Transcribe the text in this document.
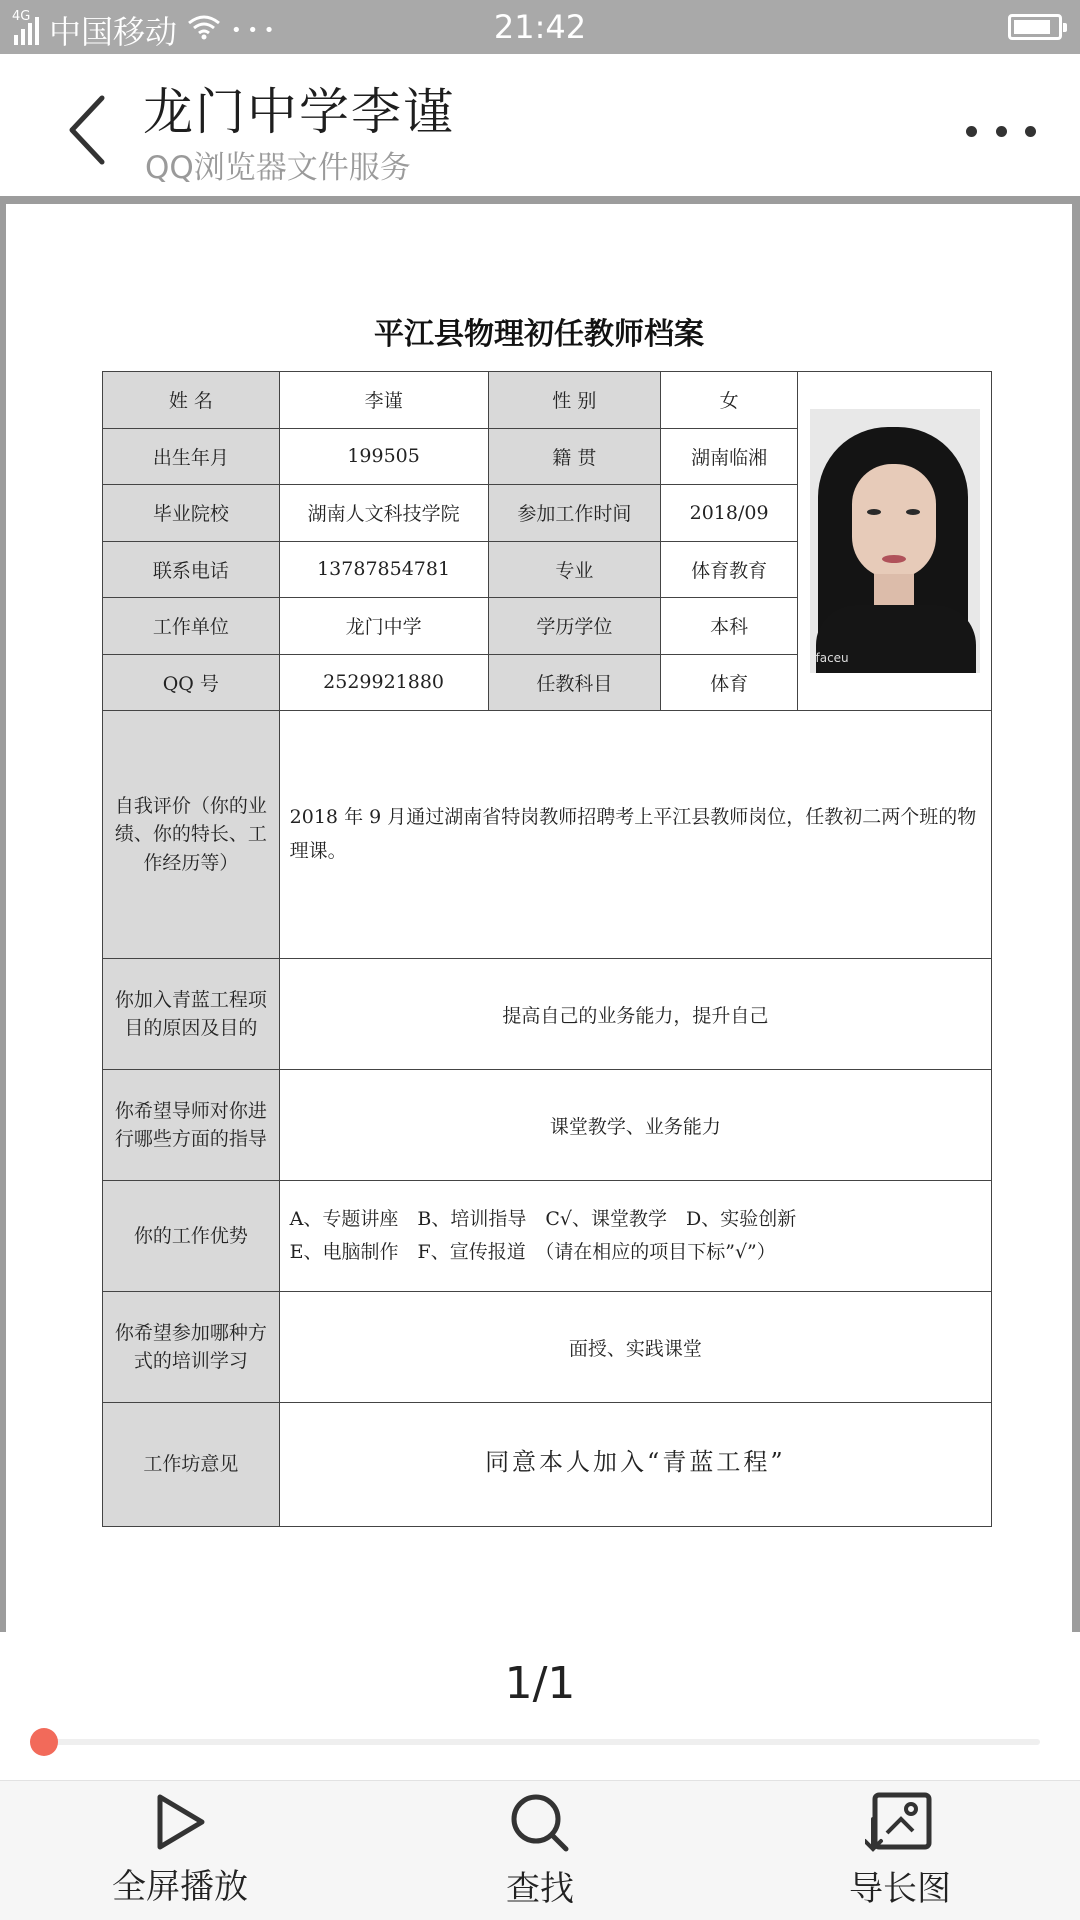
4G 中国移动	• • •	21:42
龙门中学李谨
QQ浏览器文件服务
平江县物理初任教师档案
姓 名	李谨	性 别	女	faceu

出生年月	199505	籍 贯	湖南临湘	
毕业院校	湖南人文科技学院	参加工作时间	2018/09	
联系电话	13787854781	专业	体育教育	
工作单位	龙门中学	学历学位	本科	
QQ 号	2529921880	任教科目	体育	
自我评价（你的业绩、你的特长、工作经历等）	2018 年 9 月通过湖南省特岗教师招聘考上平江县教师岗位，任教初二两个班的物理课。			
你加入青蓝工程项目的原因及目的	提高自己的业务能力，提升自己			
你希望导师对你进行哪些方面的指导	课堂教学、业务能力			
你的工作优势	A、专题讲座　B、培训指导　C√、课堂教学　D、实验创新
E、电脑制作　F、宣传报道　（请在相应的项目下标”√”）			

你希望参加哪种方式的培训学习	面授、实践课堂			
工作坊意见	同意本人加入“青蓝工程”			
1/1
全屏播放	查找	导长图
